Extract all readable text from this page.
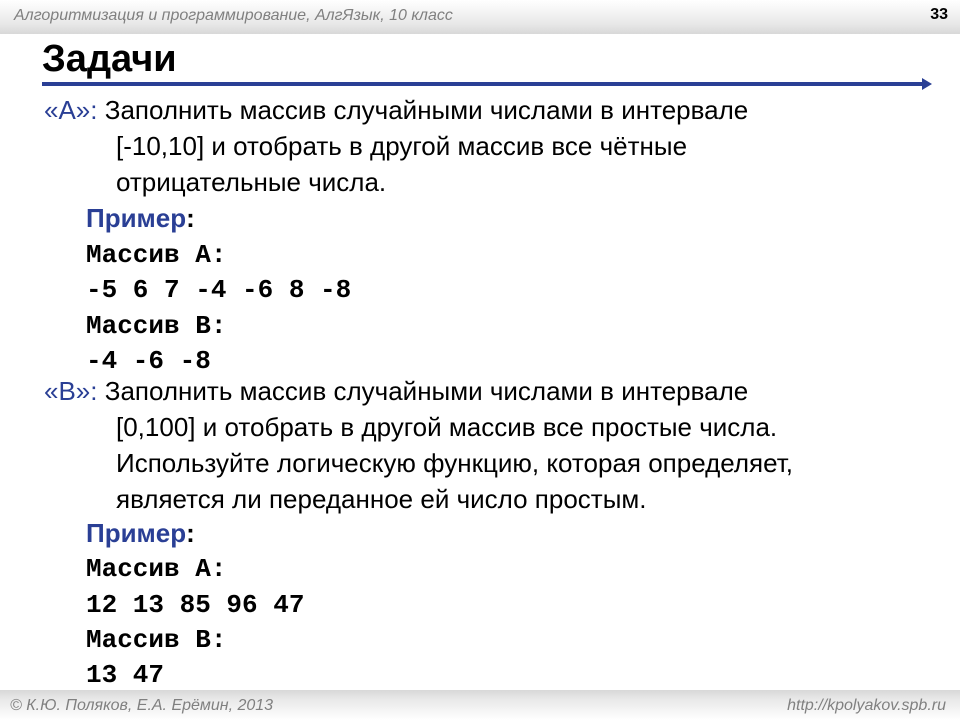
Алгоритмизация и программирование, АлгЯзык, 10 класс	33
Задачи
«A»: Заполнить массив случайными числами в интервале
[-10,10] и отобрать в другой массив все чётные
отрицательные числа.
Пример:
Массив A:
-5 6 7 -4 -6 8 -8
Массив B:
-4 -6 -8
«B»: Заполнить массив случайными числами в интервале
[0,100] и отобрать в другой массив все простые числа.
Используйте логическую функцию, которая определяет,
является ли переданное ей число простым.
Пример:
Массив A:
12 13 85 96 47
Массив B:
13 47
© К.Ю. Поляков, Е.А. Ерёмин, 2013	http://kpolyakov.spb.ru
